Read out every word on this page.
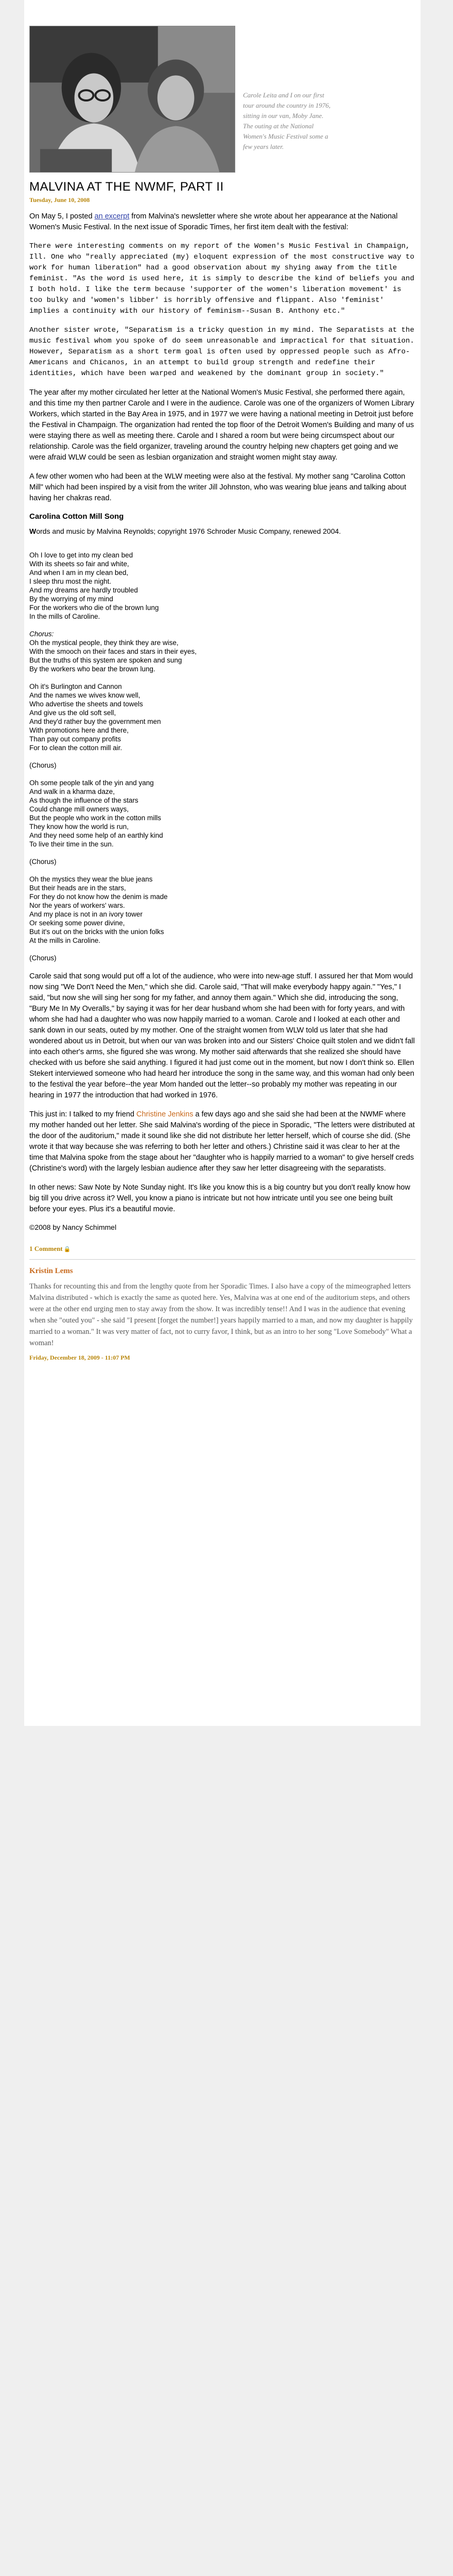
Carole Leita and I on our first tour around the country in 1976, sitting in our van, Moby Jane. The outing at the National Women's Music Festival some a few years later.
MALVINA AT THE NWMF, PART II
Tuesday, June 10, 2008

On May 5, I posted an excerpt from Malvina's newsletter where she wrote about her appearance at the National Women's Music Festival. In the next issue of Sporadic Times, her first item dealt with the festival:

There were interesting comments on my report of the Women's Music Festival in Champaign, Ill. One who "really appreciated (my) eloquent expression of the most constructive way to work for human liberation" had a good observation about my shying away from the title feminist. "As the word is used here, it is simply to describe the kind of beliefs you and I both hold. I like the term because 'supporter of the women's liberation movement' is too bulky and 'women's libber' is horribly offensive and flippant. Also 'feminist' implies a continuity with our history of feminism--Susan B. Anthony etc."

Another sister wrote, "Separatism is a tricky question in my mind. The Separatists at the music festival whom you spoke of do seem unreasonable and impractical for that situation. However, Separatism as a short term goal is often used by oppressed people such as Afro-Americans and Chicanos, in an attempt to build group strength and redefine their identities, which have been warped and weakened by the dominant group in society."

The year after my mother circulated her letter at the National Women's Music Festival, she performed there again, and this time my then partner Carole and I were in the audience. Carole was one of the organizers of Women Library Workers, which started in the Bay Area in 1975, and in 1977 we were having a national meeting in Detroit just before the Festival in Champaign. The organization had rented the top floor of the Detroit Women's Building and many of us were staying there as well as meeting there. Carole and I shared a room but were being circumspect about our relationship. Carole was the field organizer, traveling around the country helping new chapters get going and we were afraid WLW could be seen as lesbian organization and straight women might stay away.

A few other women who had been at the WLW meeting were also at the festival. My mother sang "Carolina Cotton Mill" which had been inspired by a visit from the writer Jill Johnston, who was wearing blue jeans and talking about having her chakras read.

Carolina Cotton Mill Song
Words and music by Malvina Reynolds; copyright 1976 Schroder Music Company, renewed 2004.
Oh I love to get into my clean bed
With its sheets so fair and white,
And when I am in my clean bed,
I sleep thru most the night.
And my dreams are hardly troubled
By the worrying of my mind
For the workers who die of the brown lung
In the mills of Caroline.
Chorus:
Oh the mystical people, they think they are wise,
With the smooch on their faces and stars in their eyes,
But the truths of this system are spoken and sung
By the workers who bear the brown lung.
Oh it's Burlington and Cannon
And the names we wives know well,
Who advertise the sheets and towels
And give us the old soft sell,
And they'd rather buy the government men
With promotions here and there,
Than pay out company profits
For to clean the cotton mill air.
(Chorus)
Oh some people talk of the yin and yang
And walk in a kharma daze,
As though the influence of the stars
Could change mill owners ways,
But the people who work in the cotton mills
They know how the world is run,
And they need some help of an earthly kind
To live their time in the sun.
(Chorus)
Oh the mystics they wear the blue jeans
But their heads are in the stars,
For they do not know how the denim is made
Nor the years of workers' wars.
And my place is not in an ivory tower
Or seeking some power divine,
But it's out on the bricks with the union folks
At the mills in Caroline.
(Chorus)

Carole said that song would put off a lot of the audience, who were into new-age stuff. I assured her that Mom would now sing "We Don't Need the Men," which she did. Carole said, "That will make everybody happy again." "Yes," I said, "but now she will sing her song for my father, and annoy them again." Which she did, introducing the song, "Bury Me In My Overalls," by saying it was for her dear husband whom she had been with for forty years, and with whom she had had a daughter who was now happily married to a woman. Carole and I looked at each other and sank down in our seats, outed by my mother. One of the straight women from WLW told us later that she had wondered about us in Detroit, but when our van was broken into and our Sisters' Choice quilt stolen and we didn't fall into each other's arms, she figured she was wrong. My mother said afterwards that she realized she should have checked with us before she said anything. I figured it had just come out in the moment, but now I don't think so. Ellen Stekert interviewed someone who had heard her introduce the song in the same way, and this woman had only been to the festival the year before--the year Mom handed out the letter--so probably my mother was repeating in our hearing in 1977 the introduction that had worked in 1976.

This just in: I talked to my friend Christine Jenkins a few days ago and she said she had been at the NWMF where my mother handed out her letter. She said Malvina's wording of the piece in Sporadic, "The letters were distributed at the door of the auditorium," made it sound like she did not distribute her letter herself, which of course she did. (She wrote it that way because she was referring to both her letter and others.) Christine said it was clear to her at the time that Malvina spoke from the stage about her "daughter who is happily married to a woman" to give herself creds (Christine's word) with the largely lesbian audience after they saw her letter disagreeing with the separatists.

In other news: Saw Note by Note Sunday night. It's like you know this is a big country but you don't really know how big till you drive across it? Well, you know a piano is intricate but not how intricate until you see one being built before your eyes. Plus it's a beautiful movie.

©2008 by Nancy Schimmel
1 Comment 🔒
Kristin Lems
Thanks for recounting this and from the lengthy quote from her Sporadic Times. I also have a copy of the mimeographed letters Malvina distributed - which is exactly the same as quoted here. Yes, Malvina was at one end of the auditorium steps, and others were at the other end urging men to stay away from the show. It was incredibly tense!! And I was in the audience that evening when she "outed you" - she said "I present [forget the number!] years happily married to a man, and now my daughter is happily married to a woman." It was very matter of fact, not to curry favor, I think, but as an intro to her song "Love Somebody" What a woman!
Friday, December 18, 2009 - 11:07 PM
